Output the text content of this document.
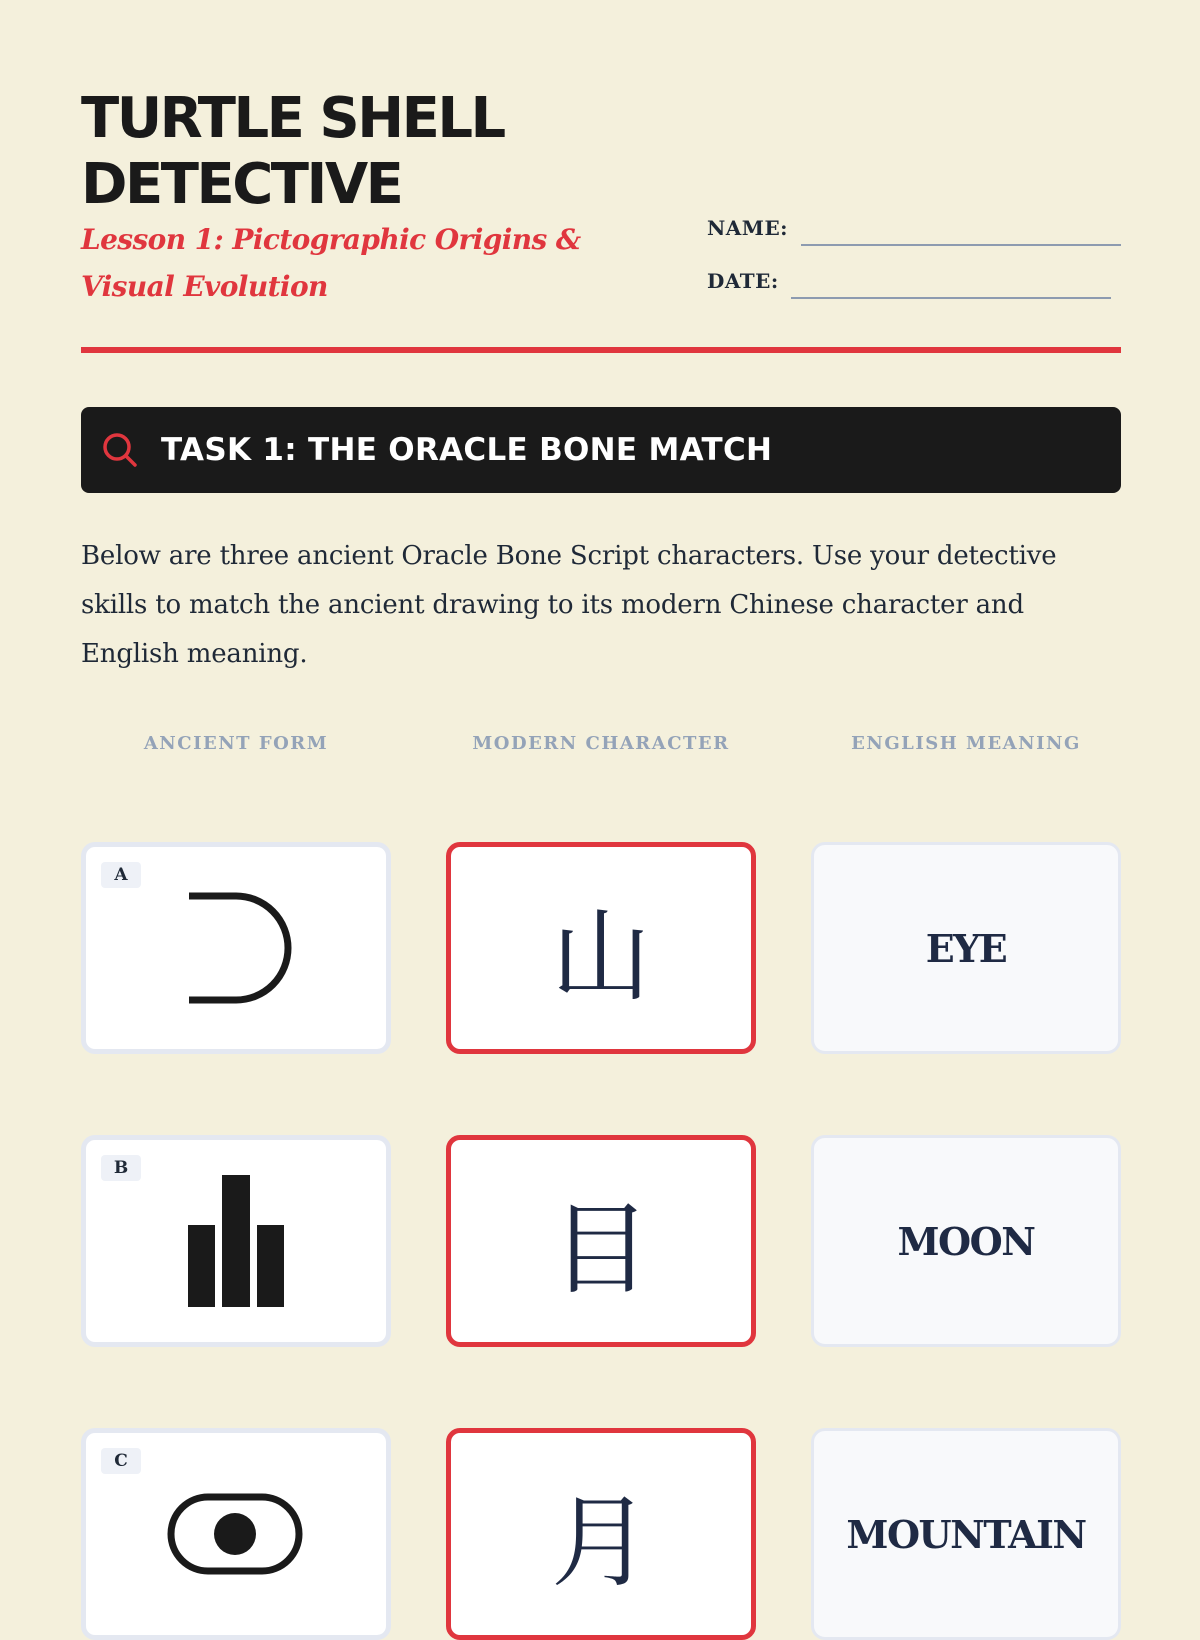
TURTLE SHELL DETECTIVE
Lesson 1: Pictographic Origins & Visual Evolution
NAME:
DATE:
TASK 1: THE ORACLE BONE MATCH

Below are three ancient Oracle Bone Script characters. Use your detective skills to match the ancient drawing to its modern Chinese character and English meaning.

ANCIENT FORM	MODERN CHARACTER	ENGLISH MEANING
A
山	EYE
B
目	MOON
C
月	MOUNTAIN
